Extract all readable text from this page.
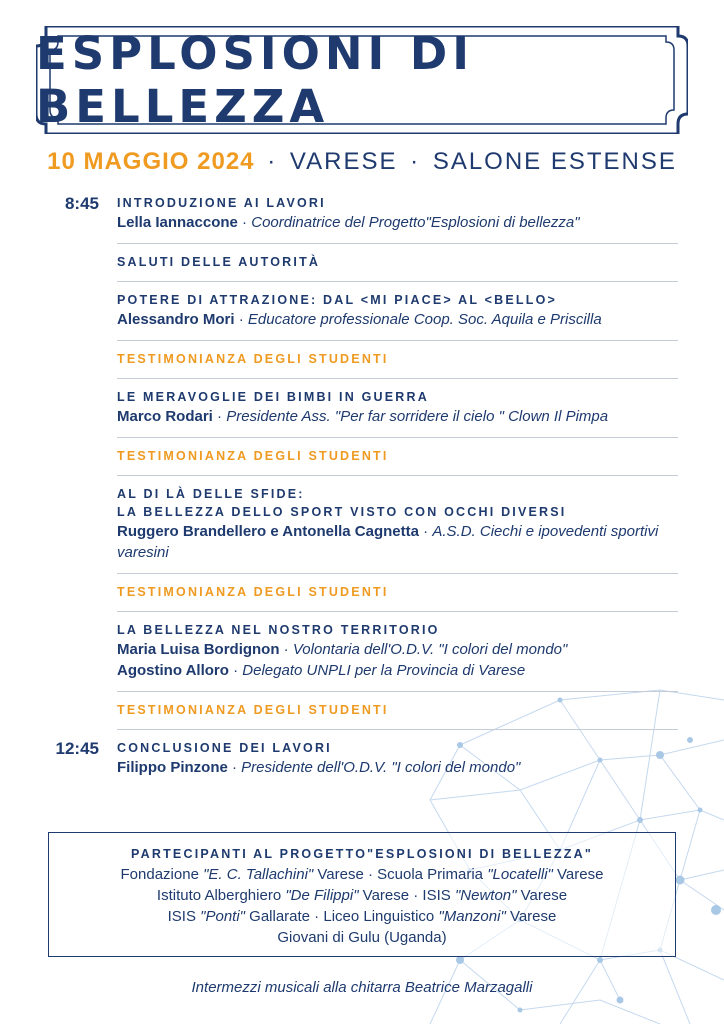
ESPLOSIONI DI BELLEZZA
10 MAGGIO 2024 · VARESE · SALONE ESTENSE
8:45 INTRODUZIONE AI LAVORI
Lella Iannaccone · Coordinatrice del Progetto"Esplosioni di bellezza"
SALUTI DELLE AUTORITÀ
POTERE DI ATTRAZIONE: DAL <MI PIACE> AL <BELLO>
Alessandro Mori · Educatore professionale Coop. Soc. Aquila e Priscilla
TESTIMONIANZA DEGLI STUDENTI
LE MERAVOGLIE DEI BIMBI IN GUERRA
Marco Rodari · Presidente Ass. "Per far sorridere il cielo " Clown Il Pimpa
TESTIMONIANZA DEGLI STUDENTI
AL DI LÀ DELLE SFIDE:
LA BELLEZZA DELLO SPORT VISTO CON OCCHI DIVERSI
Ruggero Brandellero e Antonella Cagnetta · A.S.D. Ciechi e ipovedenti sportivi varesini
TESTIMONIANZA DEGLI STUDENTI
LA BELLEZZA NEL NOSTRO TERRITORIO
Maria Luisa Bordignon · Volontaria dell'O.D.V. "I colori del mondo"
Agostino Alloro · Delegato UNPLI per la Provincia di Varese
TESTIMONIANZA DEGLI STUDENTI
12:45 CONCLUSIONE DEI LAVORI
Filippo Pinzone · Presidente dell'O.D.V. "I colori del mondo"
PARTECIPANTI AL PROGETTO"ESPLOSIONI DI BELLEZZA"
Fondazione "E. C. Tallachini" Varese · Scuola Primaria "Locatelli" Varese
Istituto Alberghiero "De Filippi" Varese · ISIS "Newton" Varese
ISIS "Ponti" Gallarate · Liceo Linguistico "Manzoni" Varese
Giovani di Gulu (Uganda)
Intermezzi musicali alla chitarra Beatrice Marzagalli
